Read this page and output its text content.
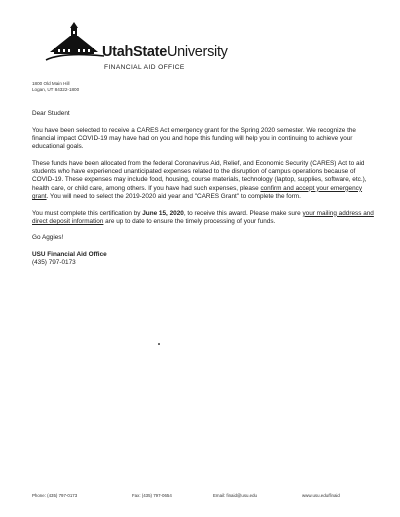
UtahStateUniversity
FINANCIAL AID OFFICE
1800 Old Main Hill
Logan, UT 84322-1800

Dear Student

You have been selected to receive a CARES Act emergency grant for the Spring 2020 semester. We recognize the financial impact COVID-19 may have had on you and hope this funding will help you in continuing to achieve your educational goals.

These funds have been allocated from the federal Coronavirus Aid, Relief, and Economic Security (CARES) Act to aid students who have experienced unanticipated expenses related to the disruption of campus operations because of COVID-19. These expenses may include food, housing, course materials, technology (laptop, supplies, software, etc.), health care, or child care, among others. If you have had such expenses, please confirm and accept your emergency grant. You will need to select the 2019-2020 aid year and "CARES Grant" to complete the form.

You must complete this certification by June 15, 2020, to receive this award. Please make sure your mailing address and direct deposit information are up to date to ensure the timely processing of your funds.

Go Aggies!

USU Financial Aid Office
(435) 797-0173
Phone: (435) 797-0173	Fax: (435) 797-0654	Email: finaid@usu.edu	www.usu.edu/finaid
